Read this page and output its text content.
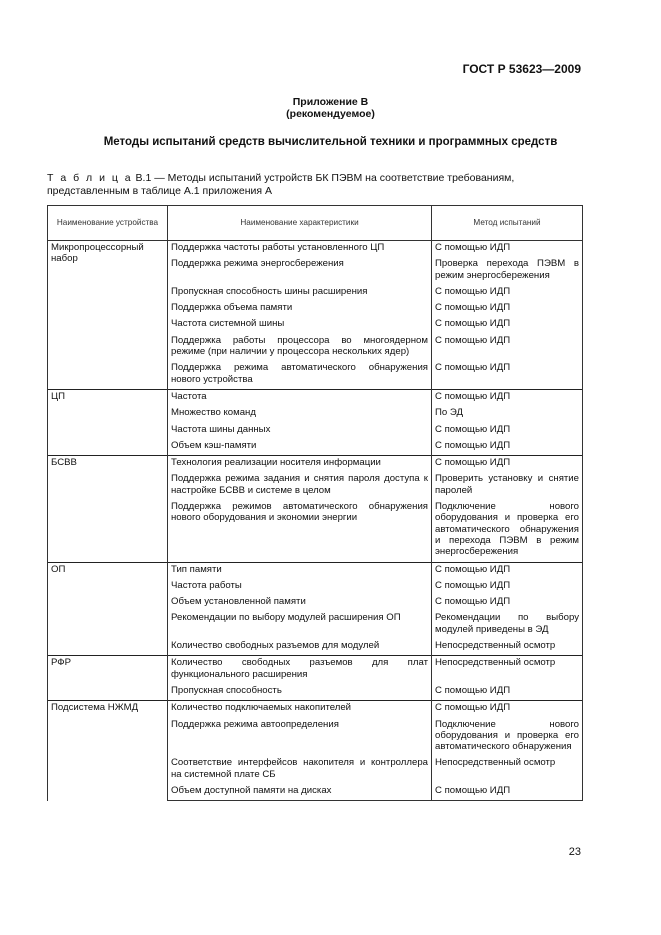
ГОСТ Р 53623—2009
Приложение В
(рекомендуемое)
Методы испытаний средств вычислительной техники и программных средств
Т а б л и ц а В.1 — Методы испытаний устройств БК ПЭВМ на соответствие требованиям, представленным в таблице А.1 приложения А
Наименование устройства	Наименование характеристики	Метод испытаний
Микропроцессорный набор	Поддержка частоты работы установленного ЦП	С помощью ИДП
	Поддержка режима энергосбережения	Проверка перехода ПЭВМ в режим энергосбережения
	Пропускная способность шины расширения	С помощью ИДП
	Поддержка объема памяти	С помощью ИДП
	Частота системной шины	С помощью ИДП
	Поддержка работы процессора во многоядерном режиме (при наличии у процессора нескольких ядер)	С помощью ИДП
	Поддержка режима автоматического обнаружения нового устройства	С помощью ИДП
ЦП	Частота	С помощью ИДП
	Множество команд	По ЭД
	Частота шины данных	С помощью ИДП
	Объем кэш-памяти	С помощью ИДП
БСВВ	Технология реализации носителя информации	С помощью ИДП
	Поддержка режима задания и снятия пароля доступа к настройке БСВВ и системе в целом	Проверить установку и снятие паролей
	Поддержка режимов автоматического обнаружения нового оборудования и экономии энергии	Подключение нового оборудования и проверка его автоматического обнаружения и перехода ПЭВМ в режим энергосбережения
ОП	Тип памяти	С помощью ИДП
	Частота работы	С помощью ИДП
	Объем установленной памяти	С помощью ИДП
	Рекомендации по выбору модулей расширения ОП	Рекомендации по выбору модулей приведены в ЭД
	Количество свободных разъемов для модулей	Непосредственный осмотр
РФР	Количество свободных разъемов для плат функционального расширения	Непосредственный осмотр
	Пропускная способность	С помощью ИДП
Подсистема НЖМД	Количество подключаемых накопителей	С помощью ИДП
	Поддержка режима автоопределения	Подключение нового оборудования и проверка его автоматического обнаружения
	Соответствие интерфейсов накопителя и контроллера на системной плате СБ	Непосредственный осмотр
	Объем доступной памяти на дисках	С помощью ИДП
23
